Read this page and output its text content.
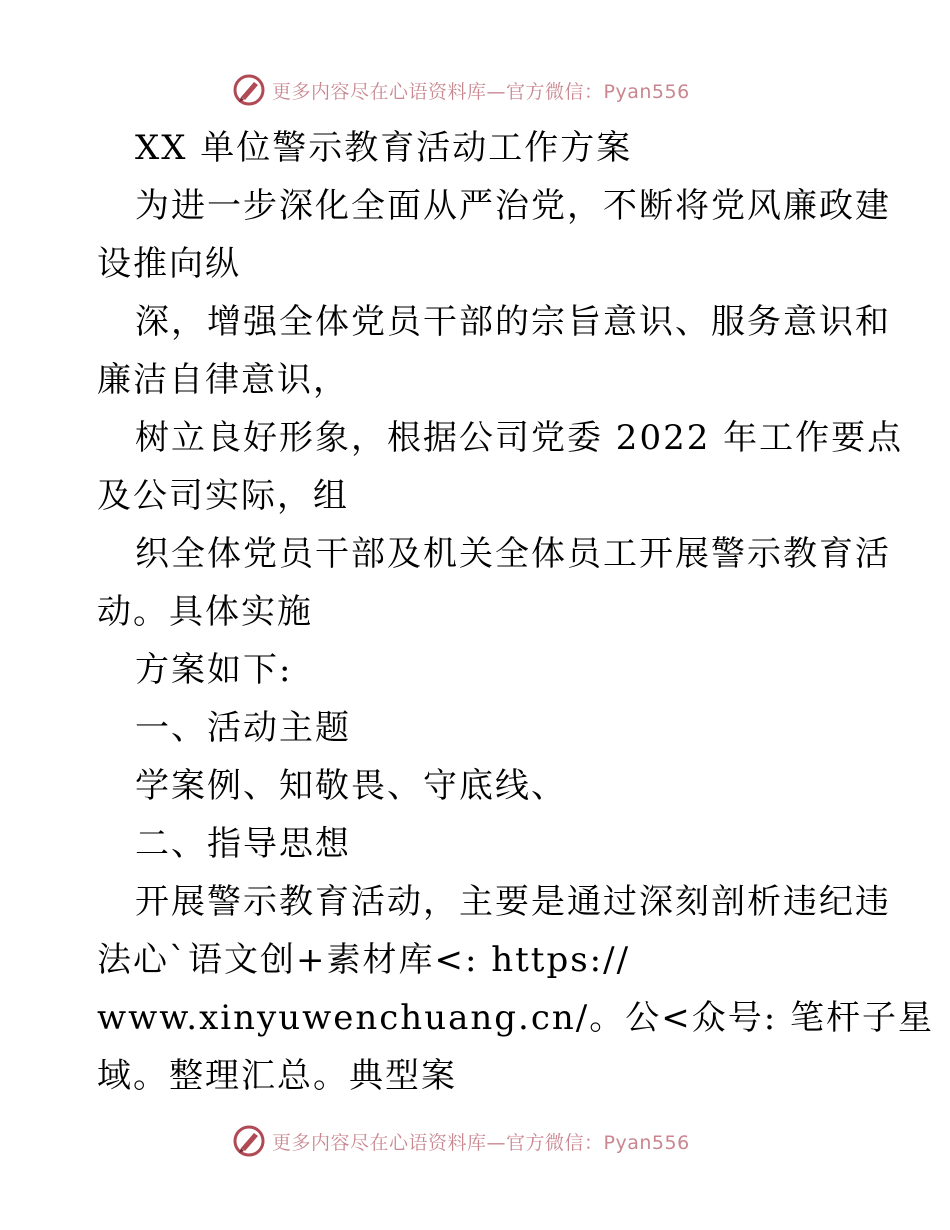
更多内容尽在心语资料库—官方微信：Pyan556
XX 单位警示教育活动工作方案
为进一步深化全面从严治党，不断将党风廉政建
设推向纵
深，增强全体党员干部的宗旨意识、服务意识和
廉洁自律意识，
树立良好形象，根据公司党委 2022 年工作要点
及公司实际，组
织全体党员干部及机关全体员工开展警示教育活
动。具体实施
方案如下:
一、活动主题
学案例、知敬畏、守底线、
二、指导思想
开展警示教育活动，主要是通过深刻剖析违纪违
法心`语文创+素材库<: https://
www.xinyuwenchuang.cn/。公<众号: 笔杆子星
域。整理汇总。典型案
更多内容尽在心语资料库—官方微信：Pyan556
